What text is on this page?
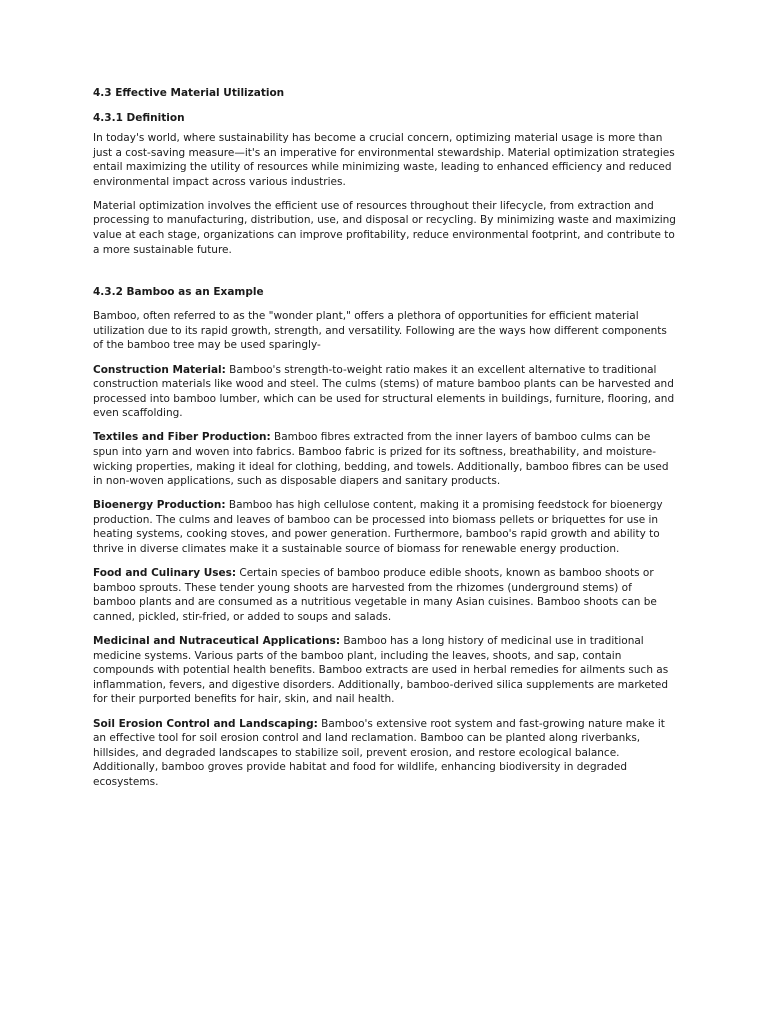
4.3 Effective Material Utilization
4.3.1 Definition

In today's world, where sustainability has become a crucial concern, optimizing material usage is more than just a cost-saving measure—it's an imperative for environmental stewardship. Material optimization strategies entail maximizing the utility of resources while minimizing waste, leading to enhanced efficiency and reduced environmental impact across various industries.

Material optimization involves the efficient use of resources throughout their lifecycle, from extraction and processing to manufacturing, distribution, use, and disposal or recycling. By minimizing waste and maximizing value at each stage, organizations can improve profitability, reduce environmental footprint, and contribute to a more sustainable future.

4.3.2 Bamboo as an Example

Bamboo, often referred to as the "wonder plant," offers a plethora of opportunities for efficient material utilization due to its rapid growth, strength, and versatility. Following are the ways how different components of the bamboo tree may be used sparingly-

Construction Material: Bamboo's strength-to-weight ratio makes it an excellent alternative to traditional construction materials like wood and steel. The culms (stems) of mature bamboo plants can be harvested and processed into bamboo lumber, which can be used for structural elements in buildings, furniture, flooring, and even scaffolding.

Textiles and Fiber Production: Bamboo fibres extracted from the inner layers of bamboo culms can be spun into yarn and woven into fabrics. Bamboo fabric is prized for its softness, breathability, and moisture-wicking properties, making it ideal for clothing, bedding, and towels. Additionally, bamboo fibres can be used in non-woven applications, such as disposable diapers and sanitary products.

Bioenergy Production: Bamboo has high cellulose content, making it a promising feedstock for bioenergy production. The culms and leaves of bamboo can be processed into biomass pellets or briquettes for use in heating systems, cooking stoves, and power generation. Furthermore, bamboo's rapid growth and ability to thrive in diverse climates make it a sustainable source of biomass for renewable energy production.

Food and Culinary Uses: Certain species of bamboo produce edible shoots, known as bamboo shoots or bamboo sprouts. These tender young shoots are harvested from the rhizomes (underground stems) of bamboo plants and are consumed as a nutritious vegetable in many Asian cuisines. Bamboo shoots can be canned, pickled, stir-fried, or added to soups and salads.

Medicinal and Nutraceutical Applications: Bamboo has a long history of medicinal use in traditional medicine systems. Various parts of the bamboo plant, including the leaves, shoots, and sap, contain compounds with potential health benefits. Bamboo extracts are used in herbal remedies for ailments such as inflammation, fevers, and digestive disorders. Additionally, bamboo-derived silica supplements are marketed for their purported benefits for hair, skin, and nail health.

Soil Erosion Control and Landscaping: Bamboo's extensive root system and fast-growing nature make it an effective tool for soil erosion control and land reclamation. Bamboo can be planted along riverbanks, hillsides, and degraded landscapes to stabilize soil, prevent erosion, and restore ecological balance. Additionally, bamboo groves provide habitat and food for wildlife, enhancing biodiversity in degraded ecosystems.
